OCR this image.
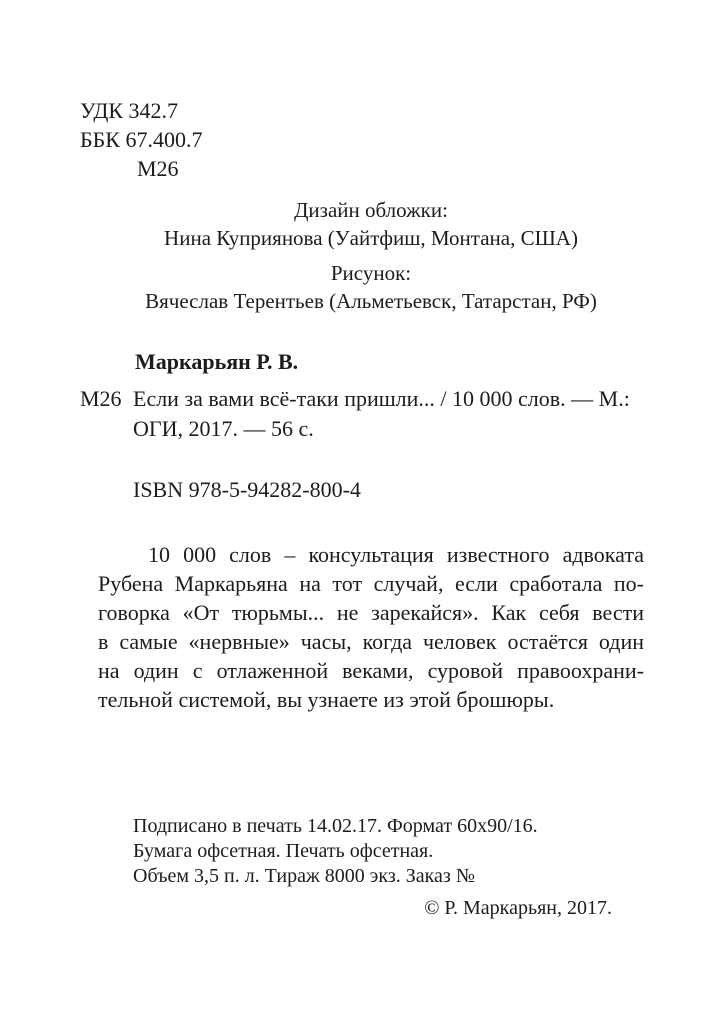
УДК 342.7
ББК 67.400.7
М26
Дизайн обложки:
Нина Куприянова (Уайтфиш, Монтана, США)
Рисунок:
Вячеслав Терентьев (Альметьевск, Татарстан, РФ)
Маркарьян Р. В.
М26 Если за вами всё-таки пришли... / 10 000 слов. — М.:
ОГИ, 2017. — 56 с.
ISBN 978-5-94282-800-4
10 000 слов – консультация известного адвоката
Рубена Маркарьяна на тот случай, если сработала по-
говорка «От тюрьмы... не зарекайся». Как себя вести
в самые «нервные» часы, когда человек остаётся один
на один с отлаженной веками, суровой правоохрани-
тельной системой, вы узнаете из этой брошюры.
Подписано в печать 14.02.17. Формат 60х90/16.
Бумага офсетная. Печать офсетная.
Объем 3,5 п. л. Тираж 8000 экз. Заказ №
© Р. Маркарьян, 2017.
